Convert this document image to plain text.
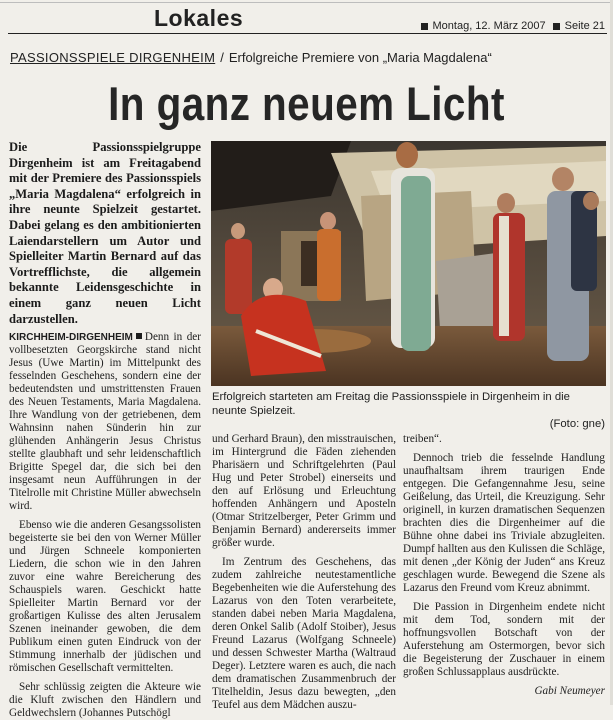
Lokales	Montag, 12. März 2007 Seite 21
PASSIONSSPIELE DIRGENHEIM / Erfolgreiche Premiere von „Maria Magdalena“
In ganz neuem Licht
Die Passionsspielgruppe Dirgenheim ist am Freitagabend mit der Premiere des Passionsspiels „Maria Magdalena“ erfolgreich in ihre neunte Spielzeit gestartet. Dabei gelang es den ambitionierten Laiendarstellern um Autor und Spielleiter Martin Bernard auf das Vortrefflichste, die allgemein bekannte Leidensgeschichte in einem ganz neuen Licht darzustellen.
Erfolgreich starteten am Freitag die Passionsspiele in Dirgenheim in die neunte Spielzeit.
(Foto: gne)

KIRCHHEIM-DIRGENHEIM Denn in der vollbesetzten Georgskirche stand nicht Jesus (Uwe Martin) im Mittelpunkt des fesselnden Geschehens, sondern eine der bedeutendsten und umstrittensten Frauen des Neuen Testaments, Maria Magdalena. Ihre Wandlung von der getriebenen, dem Wahnsinn nahen Sünderin hin zur glühenden Anhängerin Jesus Christus stellte glaubhaft und sehr leidenschaftlich Brigitte Spegel dar, die sich bei den insgesamt neun Aufführungen in der Titelrolle mit Christine Müller abwechseln wird.

Ebenso wie die anderen Gesangssolisten begeisterte sie bei den von Werner Müller und Jürgen Schneele komponierten Liedern, die schon wie in den Jahren zuvor eine wahre Bereicherung des Schauspiels waren. Geschickt hatte Spielleiter Martin Bernard vor der großartigen Kulisse des alten Jerusalem Szenen ineinander gewoben, die dem Publikum einen guten Eindruck von der Stimmung innerhalb der jüdischen und römischen Gesellschaft vermittelten.

Sehr schlüssig zeigten die Akteure wie die Kluft zwischen den Händlern und Geldwechslern (Johannes Putschögl

und Gerhard Braun), den misstrauischen, im Hintergrund die Fäden ziehenden Pharisäern und Schriftgelehrten (Paul Hug und Peter Strobel) einerseits und den auf Erlösung und Erleuchtung hoffenden Anhängern und Aposteln (Otmar Stritzelberger, Peter Grimm und Benjamin Bernard) andererseits immer größer wurde.

Im Zentrum des Geschehens, das zudem zahlreiche neutestamentliche Begebenheiten wie die Auferstehung des Lazarus von den Toten verarbeitete, standen dabei neben Maria Magdalena, deren Onkel Salib (Adolf Stoiber), Jesus Freund Lazarus (Wolfgang Schneele) und dessen Schwester Martha (Waltraud Deger). Letztere waren es auch, die nach dem dramatischen Zusammenbruch der Titelheldin, Jesus dazu bewegten, „den Teufel aus dem Mädchen auszu-

treiben“.

Dennoch trieb die fesselnde Handlung unaufhaltsam ihrem traurigen Ende entgegen. Die Gefangennahme Jesu, seine Geißelung, das Urteil, die Kreuzigung. Sehr originell, in kurzen dramatischen Sequenzen brachten dies die Dirgenheimer auf die Bühne ohne dabei ins Triviale abzugleiten. Dumpf hallten aus den Kulissen die Schläge, mit denen „der König der Juden“ ans Kreuz geschlagen wurde. Bewegend die Szene als Lazarus den Freund vom Kreuz abnimmt.

Die Passion in Dirgenheim endete nicht mit dem Tod, sondern mit der hoffnungsvollen Botschaft von der Auferstehung am Ostermorgen, bevor sich die Begeisterung der Zuschauer in einem großen Schlussapplaus ausdrückte.

Gabi Neumeyer
